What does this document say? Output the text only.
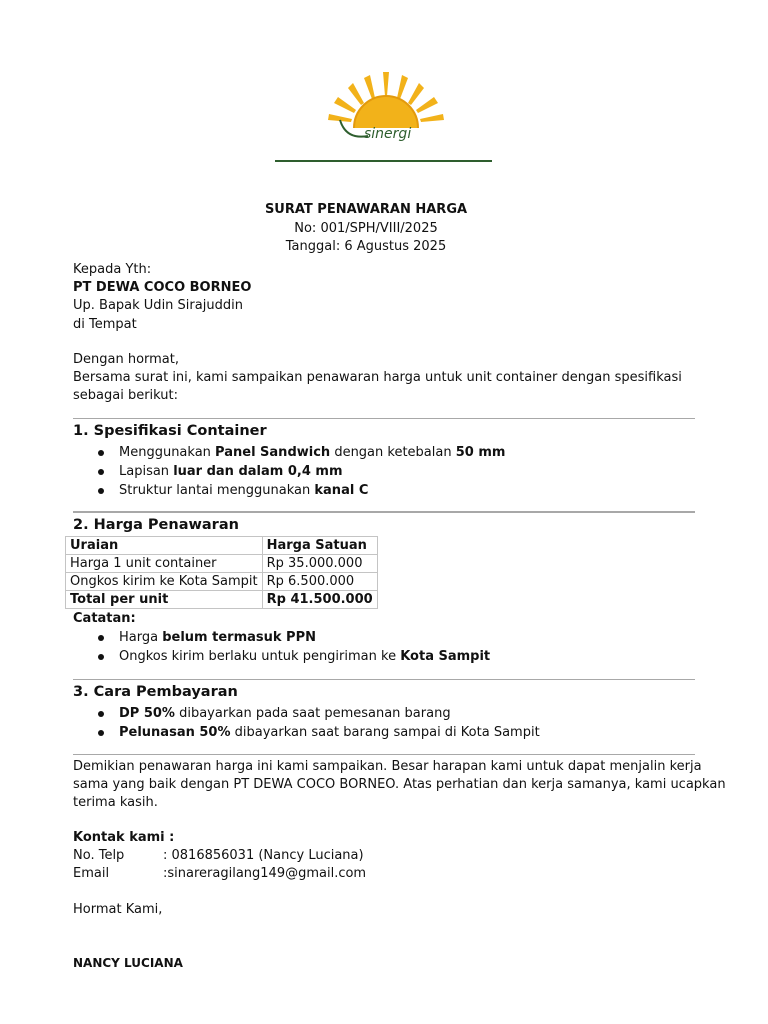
sinergi
SURAT PENAWARAN HARGA
No: 001/SPH/VIII/2025
Tanggal: 6 Agustus 2025
Kepada Yth:
PT DEWA COCO BORNEO
Up. Bapak Udin Sirajuddin
di Tempat
Dengan hormat,
Bersama surat ini, kami sampaikan penawaran harga untuk unit container dengan spesifikasi
sebagai berikut:
1. Spesifikasi Container
Menggunakan Panel Sandwich dengan ketebalan 50 mm
Lapisan luar dan dalam 0,4 mm
Struktur lantai menggunakan kanal C
2. Harga Penawaran
Uraian	Harga Satuan
Harga 1 unit container	Rp 35.000.000
Ongkos kirim ke Kota Sampit	Rp 6.500.000
Total per unit	Rp 41.500.000
Catatan:
Harga belum termasuk PPN
Ongkos kirim berlaku untuk pengiriman ke Kota Sampit
3. Cara Pembayaran
DP 50% dibayarkan pada saat pemesanan barang
Pelunasan 50% dibayarkan saat barang sampai di Kota Sampit
Demikian penawaran harga ini kami sampaikan. Besar harapan kami untuk dapat menjalin kerja
sama yang baik dengan PT DEWA COCO BORNEO. Atas perhatian dan kerja samanya, kami ucapkan
terima kasih.
Kontak kami :
No. Telp	: 0816856031 (Nancy Luciana)
Email	:sinareragilang149@gmail.com
Hormat Kami,
NANCY LUCIANA
